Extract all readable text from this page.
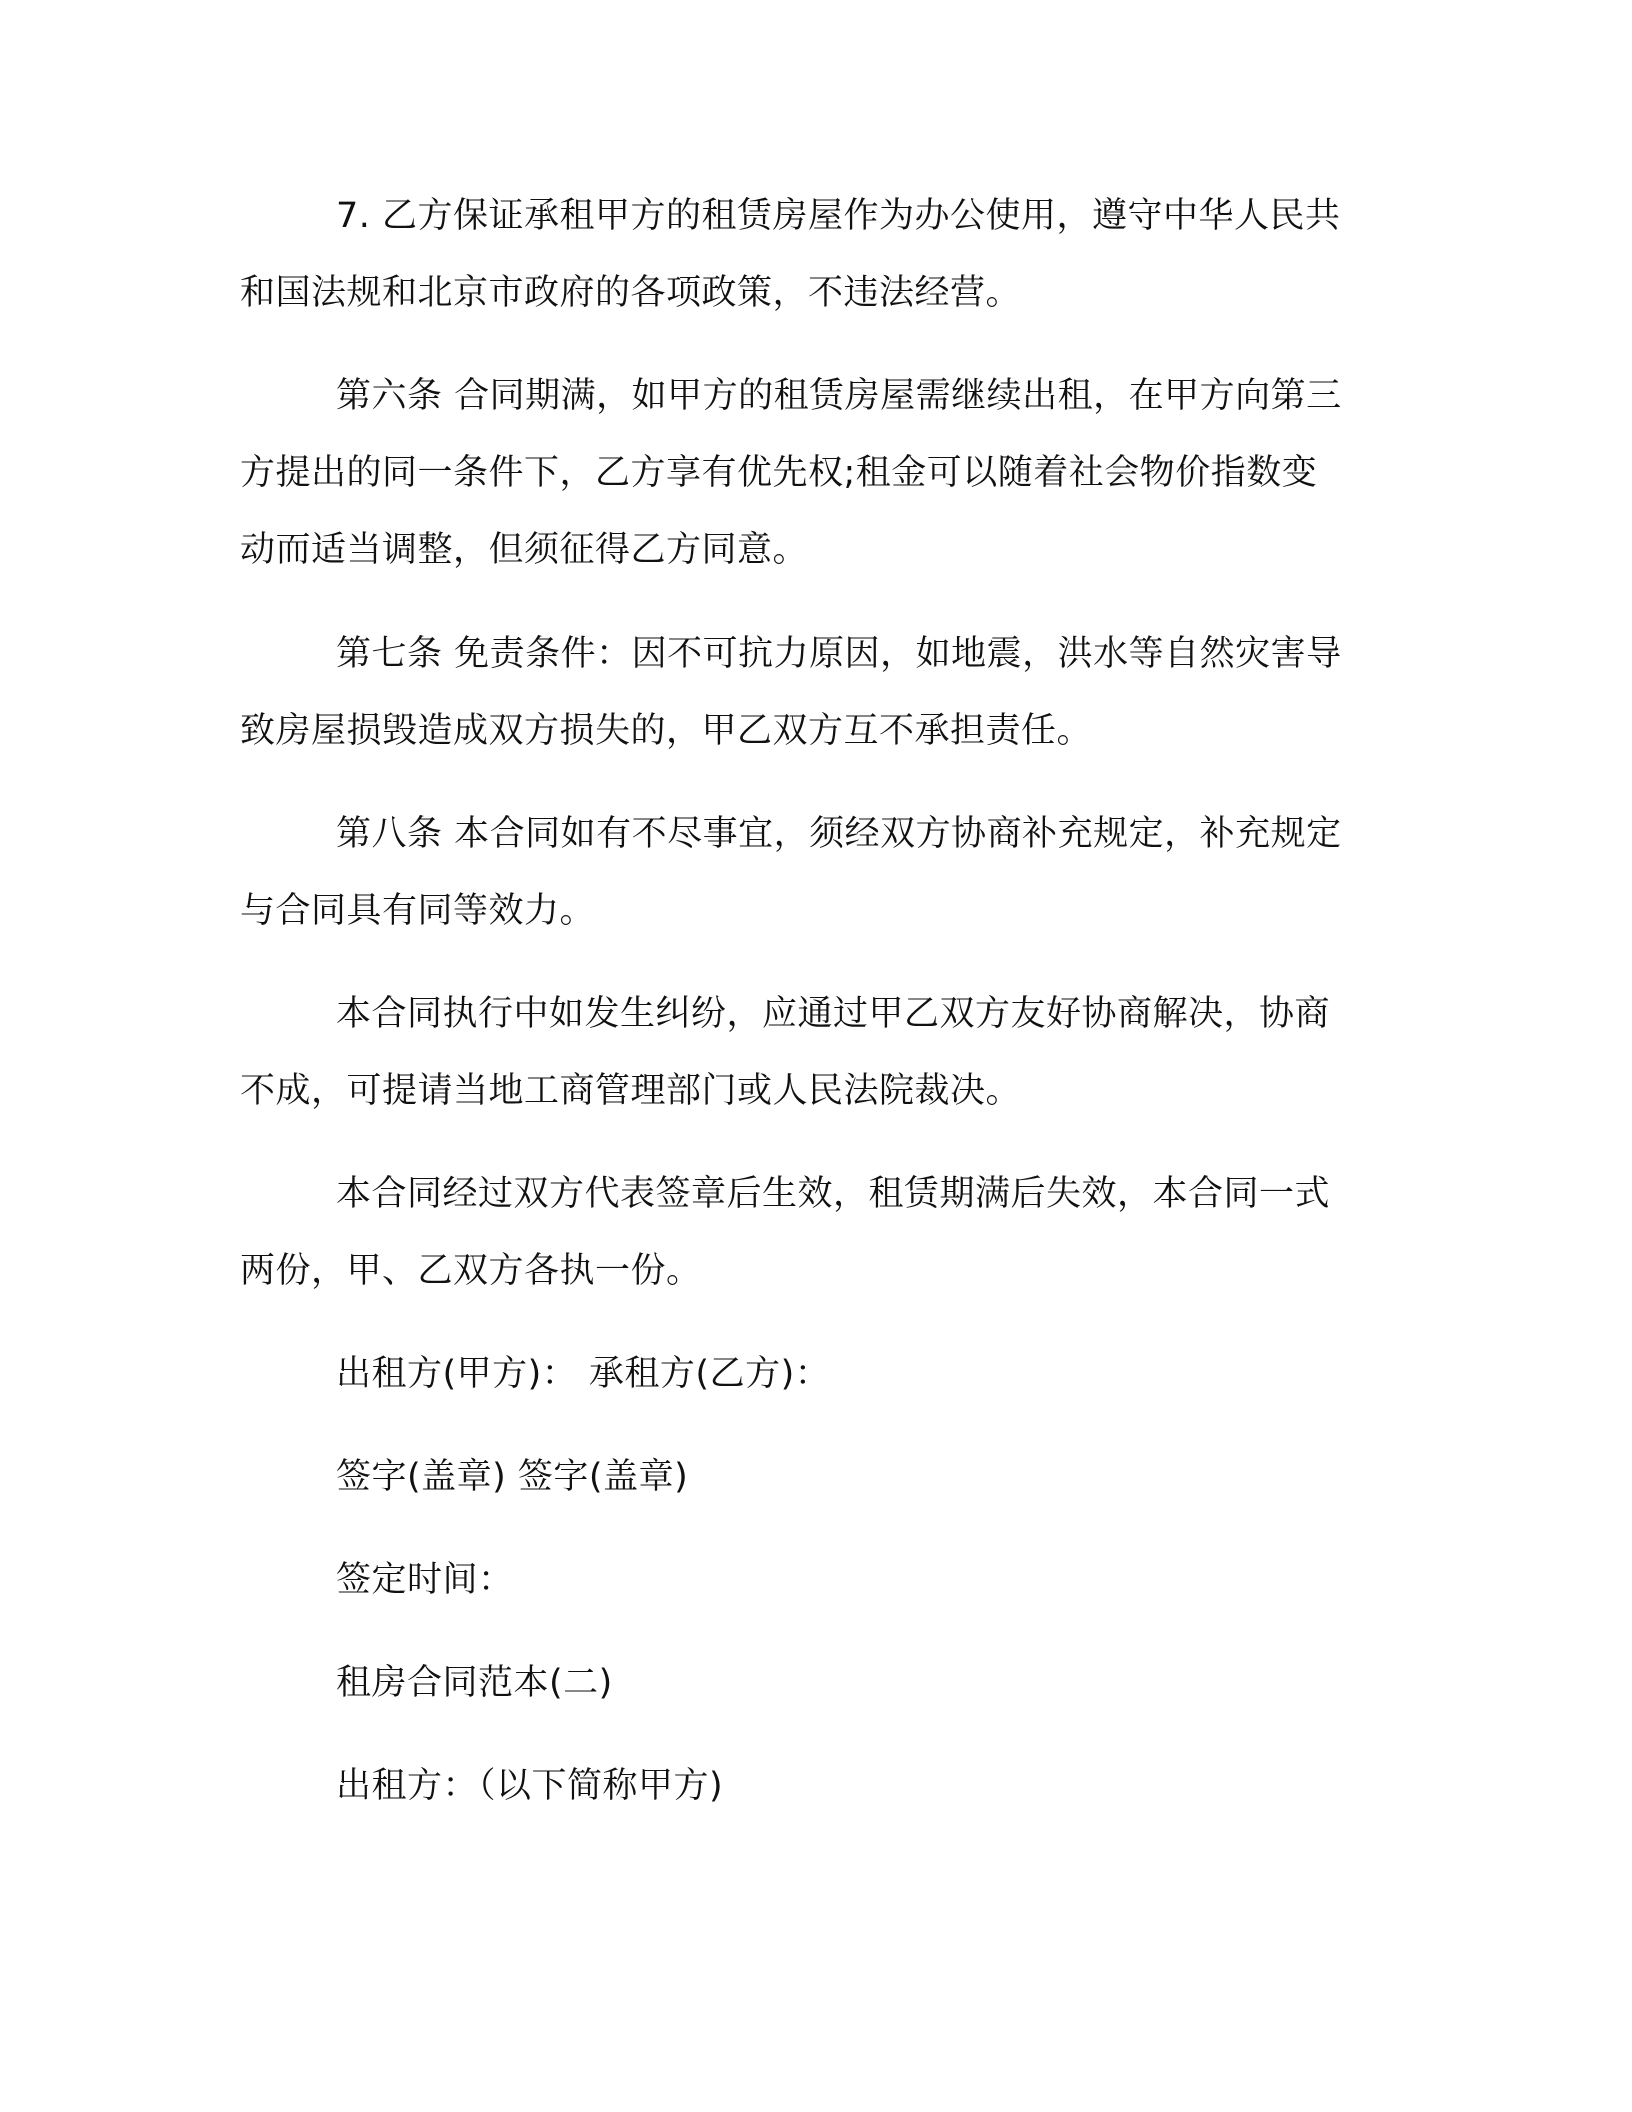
7. 乙方保证承租甲方的租赁房屋作为办公使用，遵守中华人民共
和国法规和北京市政府的各项政策，不违法经营。

第六条 合同期满，如甲方的租赁房屋需继续出租，在甲方向第三
方提出的同一条件下，乙方享有优先权;租金可以随着社会物价指数变
动而适当调整，但须征得乙方同意。

第七条 免责条件：因不可抗力原因，如地震，洪水等自然灾害导
致房屋损毁造成双方损失的，甲乙双方互不承担责任。

第八条 本合同如有不尽事宜，须经双方协商补充规定，补充规定
与合同具有同等效力。

本合同执行中如发生纠纷，应通过甲乙双方友好协商解决，协商
不成，可提请当地工商管理部门或人民法院裁决。

本合同经过双方代表签章后生效，租赁期满后失效，本合同一式
两份，甲、乙双方各执一份。

出租方(甲方)： 承租方(乙方)：

签字(盖章) 签字(盖章)

签定时间：

租房合同范本(二)

出租方：（以下简称甲方)
